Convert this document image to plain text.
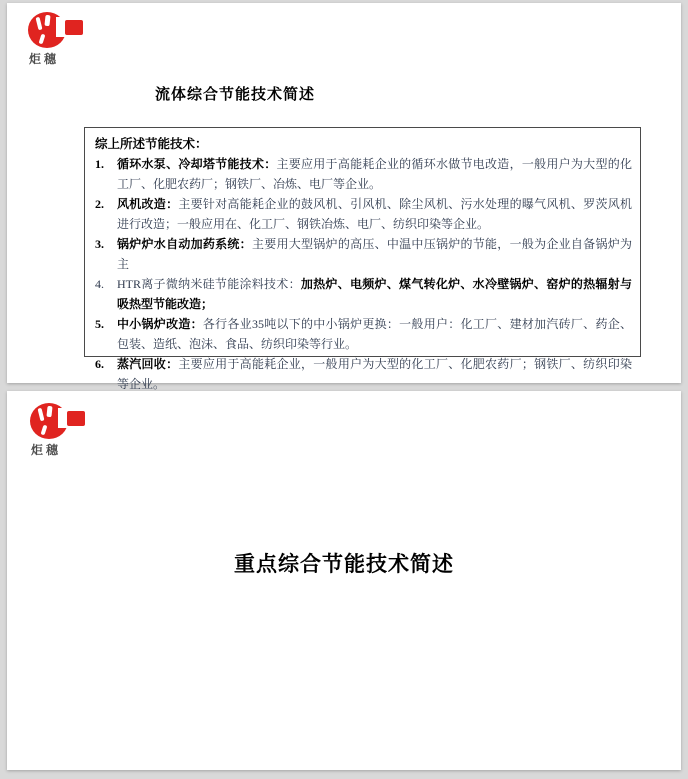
炬穗
流体综合节能技术简述
综上所述节能技术：
1.	循环水泵、冷却塔节能技术：主要应用于高能耗企业的循环水做节电改造，一般用户为大型的化工厂、化肥农药厂；钢铁厂、冶炼、电厂等企业。
2.	风机改造：主要针对高能耗企业的鼓风机、引风机、除尘风机、污水处理的曝气风机、罗茨风机进行改造；一般应用在、化工厂、钢铁冶炼、电厂、纺织印染等企业。
3.	锅炉炉水自动加药系统：主要用大型锅炉的高压、中温中压锅炉的节能，一般为企业自备锅炉为主
4.	HTR离子微纳米硅节能涂料技术：加热炉、电频炉、煤气转化炉、水冷壁锅炉、窑炉的热辐射与吸热型节能改造；
5.	中小锅炉改造：各行各业35吨以下的中小锅炉更换：一般用户：化工厂、建材加汽砖厂、药企、包装、造纸、泡沫、食品、纺织印染等行业。
6.	蒸汽回收：主要应用于高能耗企业，一般用户为大型的化工厂、化肥农药厂；钢铁厂、纺织印染等企业。
炬穗
重点综合节能技术简述
